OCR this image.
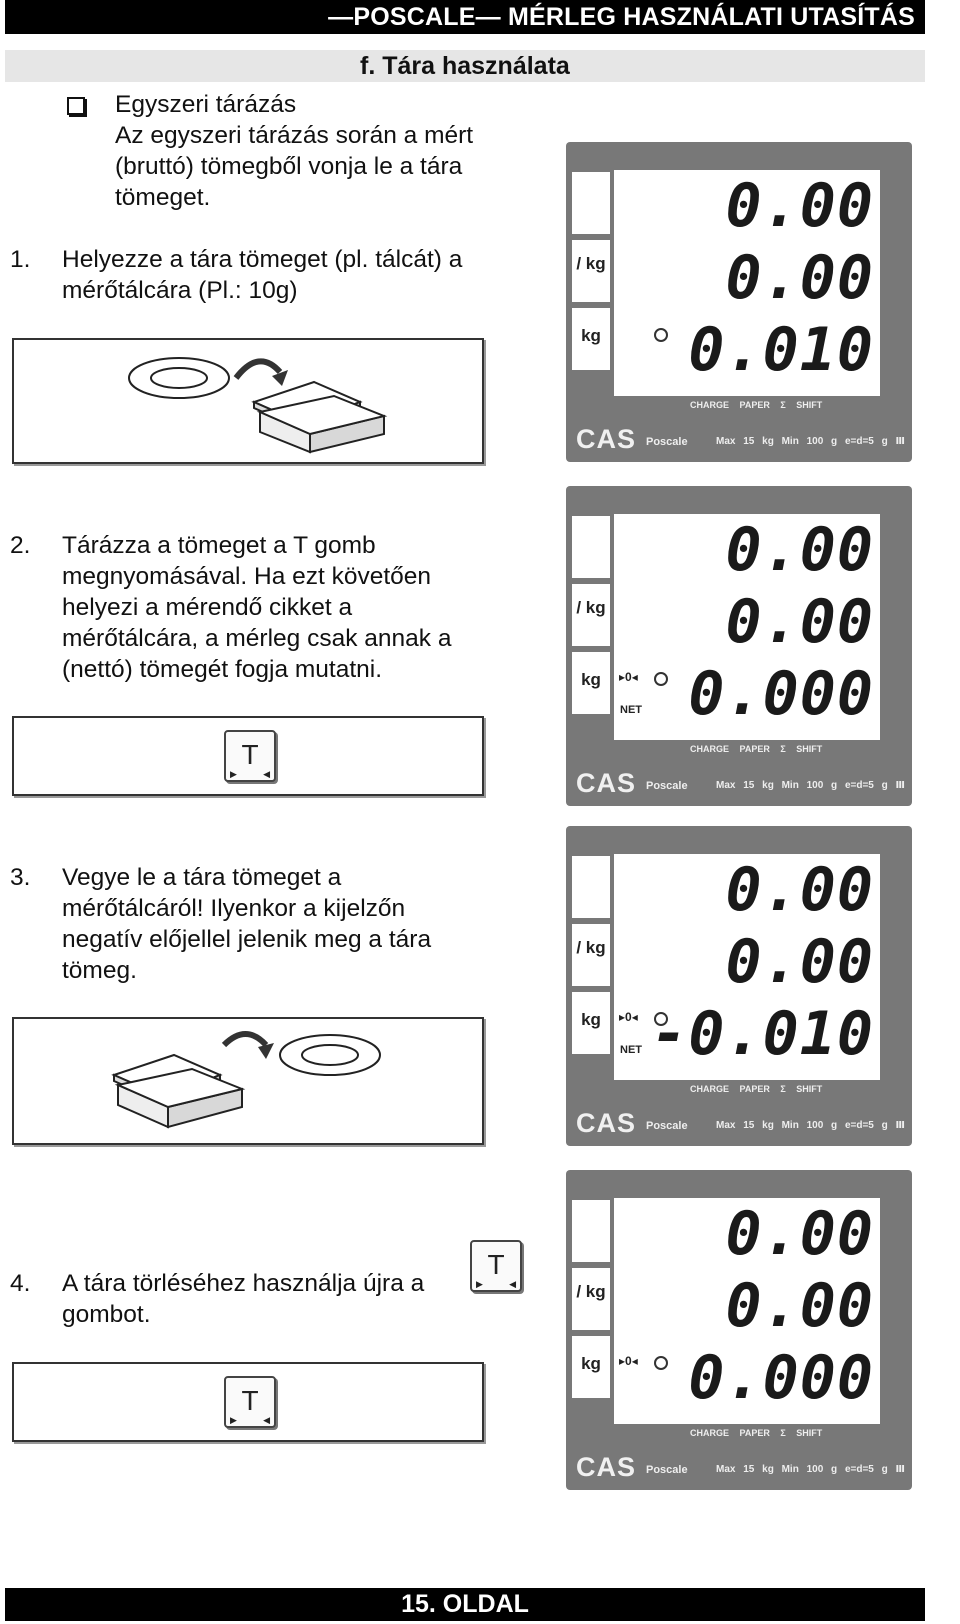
—POSCALE— MÉRLEG HASZNÁLATI UTASÍTÁS
f. Tára használata
Egyszeri tárázás
Az egyszeri tárázás során a mért
(bruttó) tömegből vonja le a tára
tömeget.
1. Helyezze a tára tömeget (pl. tálcát) a
mérőtálcára (Pl.: 10g)
2. Tárázza a tömeget a T gomb
megnyomásával. Ha ezt követően
helyezi a mérendő cikket a
mérőtálcára, a mérleg csak annak a
(nettó) tömegét fogja mutatni.
▶
T
◀
3. Vegye le a tára tömeget a
mérőtálcáról! Ilyenkor a kijelzőn
negatív előjellel jelenik meg a tára
tömeg.
4. A tára törléséhez használja újra a
gombot.
▶
T
◀
▶
T
◀
/ kg
kg
0.00
0.00
0.010
CHARGE PAPER Σ SHIFT
CAS Poscale	Max 15 kg Min 100 g e=d=5 g Ⅲ
/ kg
kg
0.00
0.00
▸0◂
NET 0.000
CHARGE PAPER Σ SHIFT
CAS Poscale	Max 15 kg Min 100 g e=d=5 g Ⅲ
/ kg
kg
0.00
0.00
▸0◂
NET -0.010
CHARGE PAPER Σ SHIFT
CAS Poscale	Max 15 kg Min 100 g e=d=5 g Ⅲ
/ kg
kg
0.00
0.00
▸0◂ 0.000
CHARGE PAPER Σ SHIFT
CAS Poscale	Max 15 kg Min 100 g e=d=5 g Ⅲ
15. OLDAL
